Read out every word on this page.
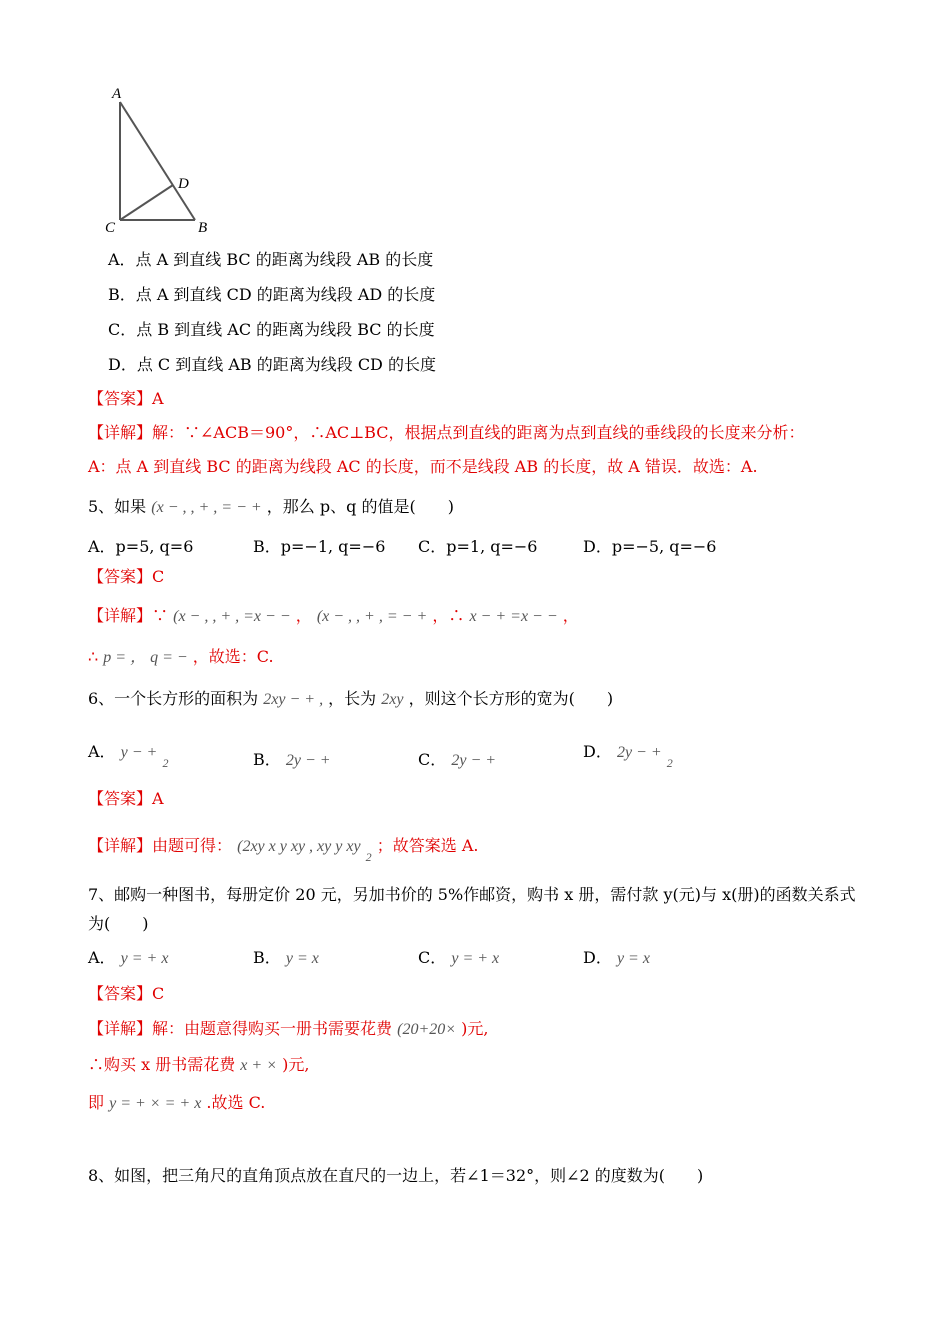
A
D
C	B
A．点 A 到直线 BC 的距离为线段 AB 的长度
B．点 A 到直线 CD 的距离为线段 AD 的长度
C．点 B 到直线 AC 的距离为线段 BC 的长度
D．点 C 到直线 AB 的距离为线段 CD 的长度
【答案】A
【详解】解：∵∠ACB＝90°，∴AC⊥BC，根据点到直线的距离为点到直线的垂线段的长度来分析：
A：点 A 到直线 BC 的距离为线段 AC 的长度，而不是线段 AB 的长度，故 A 错误．故选：A.
5、如果 (x − , , + , = − + ，那么 p、q 的值是(　　)
A．p=5, q=6	B．p=−1, q=−6 C．p=1, q=−6	D．p=−5, q=−6
【答案】C
【详解】∵ (x − , , + , =x − − ， (x − , , + , = − + ，∴ x − + =x − − ，
∴ p = ， q = − ，故选：C.
6、一个长方形的面积为 2xy − + , ，长为 2xy ，则这个长方形的宽为(　　)
A． y − + $_2$	B． 2y − +	C． 2y − +	D． 2y − + $_2$
【答案】A
【详解】由题可得： (2xy x y xy , xy y xy $_2$ ；故答案选 A.
7、邮购一种图书，每册定价 20 元，另加书价的 5%作邮资，购书 x 册，需付款 y(元)与 x(册)的函数关系式
为(　　)
A． y = + x	B． y = x	C． y = + x	D． y = x
【答案】C
【详解】解：由题意得购买一册书需要花费 (20+20× )元,
∴购买 x 册书需花费 x + × )元,
即 y = + × = + x .故选 C.
8、如图，把三角尺的直角顶点放在直尺的一边上，若∠1＝32°，则∠2 的度数为(　　)
